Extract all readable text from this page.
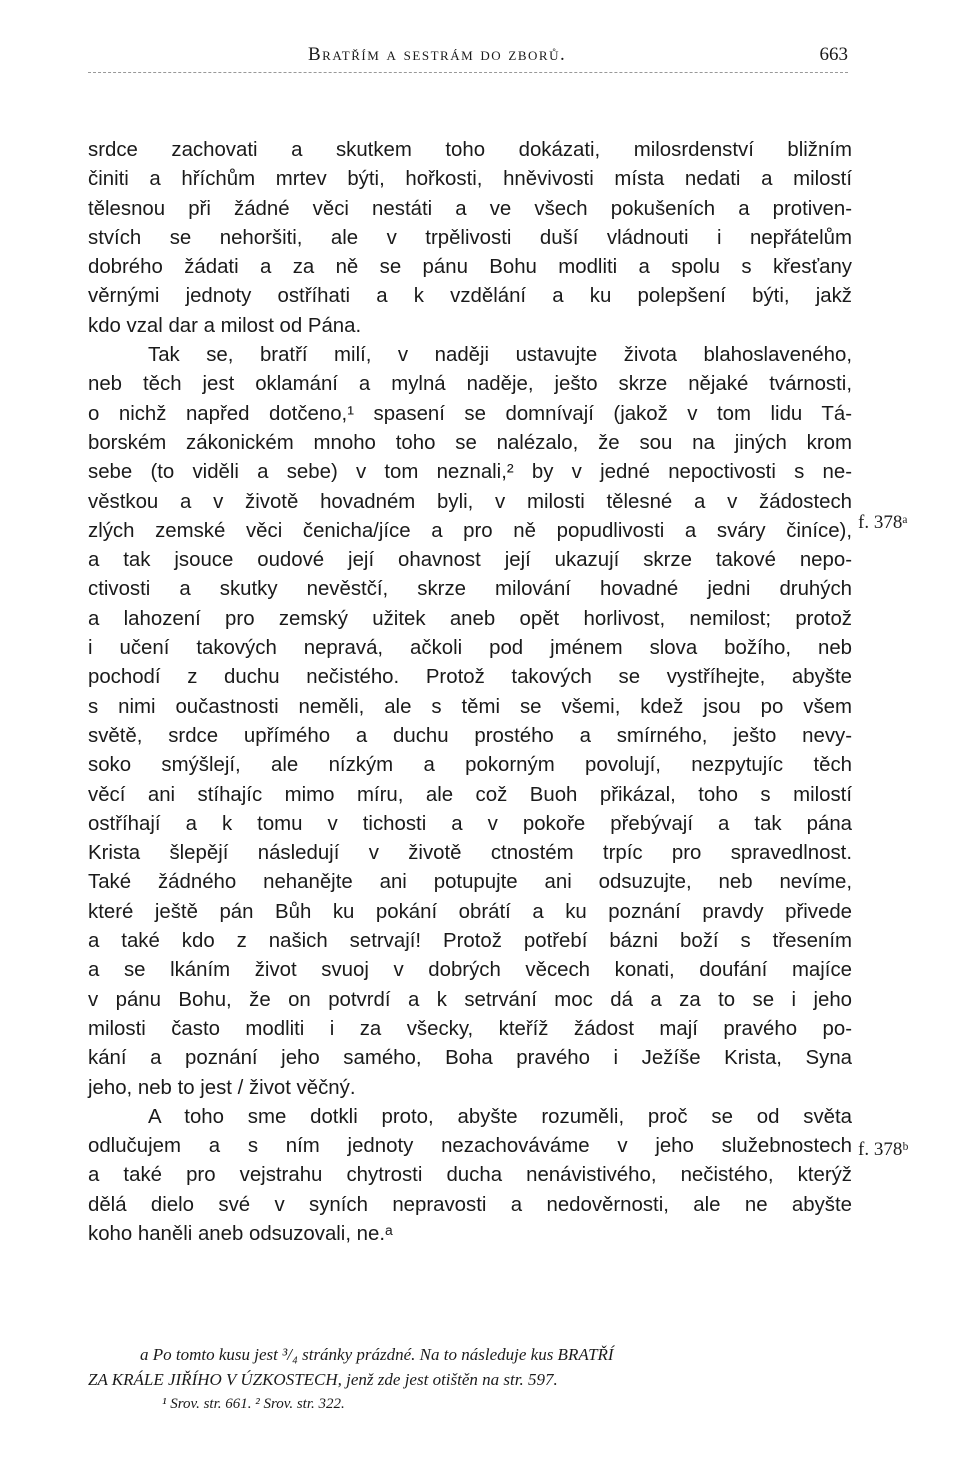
Bratřím a sestrám do zborů.	663
srdce zachovati a skutkem toho dokázati, milosrdenství bližním
činiti a hříchům mrtev býti, hořkosti, hněvivosti místa nedati a milostí
tělesnou při žádné věci nestáti a ve všech pokušeních a protiven-
stvích se nehoršiti, ale v trpělivosti duší vládnouti i nepřátelům
dobrého žádati a za ně se pánu Bohu modliti a spolu s křesťany
věrnými jednoty ostříhati a k vzdělání a ku polepšení býti, jakž
kdo vzal dar a milost od Pána.
Tak se, bratří milí, v naději ustavujte života blahoslaveného,
neb těch jest oklamání a mylná naděje, ješto skrze nějaké tvárnosti,
o nichž napřed dotčeno,¹ spasení se domnívají (jakož v tom lidu Tá-
borském zákonickém mnoho toho se nalézalo, že sou na jiných krom
sebe (to viděli a sebe) v tom neznali,² by v jedné nepoctivosti s ne-
věstkou a v životě hovadném byli, v milosti tělesné a v žádostech
zlých zemské věci čenicha/jíce a pro ně popudlivosti a sváry činíce),
a tak jsouce oudové její ohavnost její ukazují skrze takové nepo-
ctivosti a skutky nevěstčí, skrze milování hovadné jedni druhých
a lahození pro zemský užitek aneb opět horlivost, nemilost; protož
i učení takových nepravá, ačkoli pod jménem slova božího, neb
pochodí z duchu nečistého. Protož takových se vystříhejte, abyšte
s nimi oučastnosti neměli, ale s těmi se všemi, kdež jsou po všem
světě, srdce upřímého a duchu prostého a smírného, ješto nevy-
soko smýšlejí, ale nízkým a pokorným povolují, nezpytujíc těch
věcí ani stíhajíc mimo míru, ale což Buoh přikázal, toho s milostí
ostříhají a k tomu v tichosti a v pokoře přebývají a tak pána
Krista šlepějí následují v životě ctnostém trpíc pro spravedlnost.
Také žádného nehanějte ani potupujte ani odsuzujte, neb nevíme,
které ještě pán Bůh ku pokání obrátí a ku poznání pravdy přivede
a také kdo z našich setrvají! Protož potřebí bázni boží s třesením
a se lkáním život svuoj v dobrých věcech konati, doufání majíce
v pánu Bohu, že on potvrdí a k setrvání moc dá a za to se i jeho
milosti často modliti i za všecky, kteříž žádost mají pravého po-
kání a poznání jeho samého, Boha pravého i Ježíše Krista, Syna
jeho, neb to jest / život věčný.
A toho sme dotkli proto, abyšte rozuměli, proč se od světa
odlučujem a s ním jednoty nezachováváme v jeho služebnostech
a také pro vejstrahu chytrosti ducha nenávistivého, nečistého, kterýž
dělá dielo své v syních nepravosti a nedověrnosti, ale ne abyšte
koho haněli aneb odsuzovali, ne.ᵃ
f. 378ᵃ
f. 378ᵇ
a Po tomto kusu jest ³/₄ stránky prázdné. Na to následuje kus BRATŘÍ
ZA KRÁLE JIŘÍHO V ÚZKOSTECH, jenž zde jest otištěn na str. 597.
¹ Srov. str. 661. ² Srov. str. 322.
